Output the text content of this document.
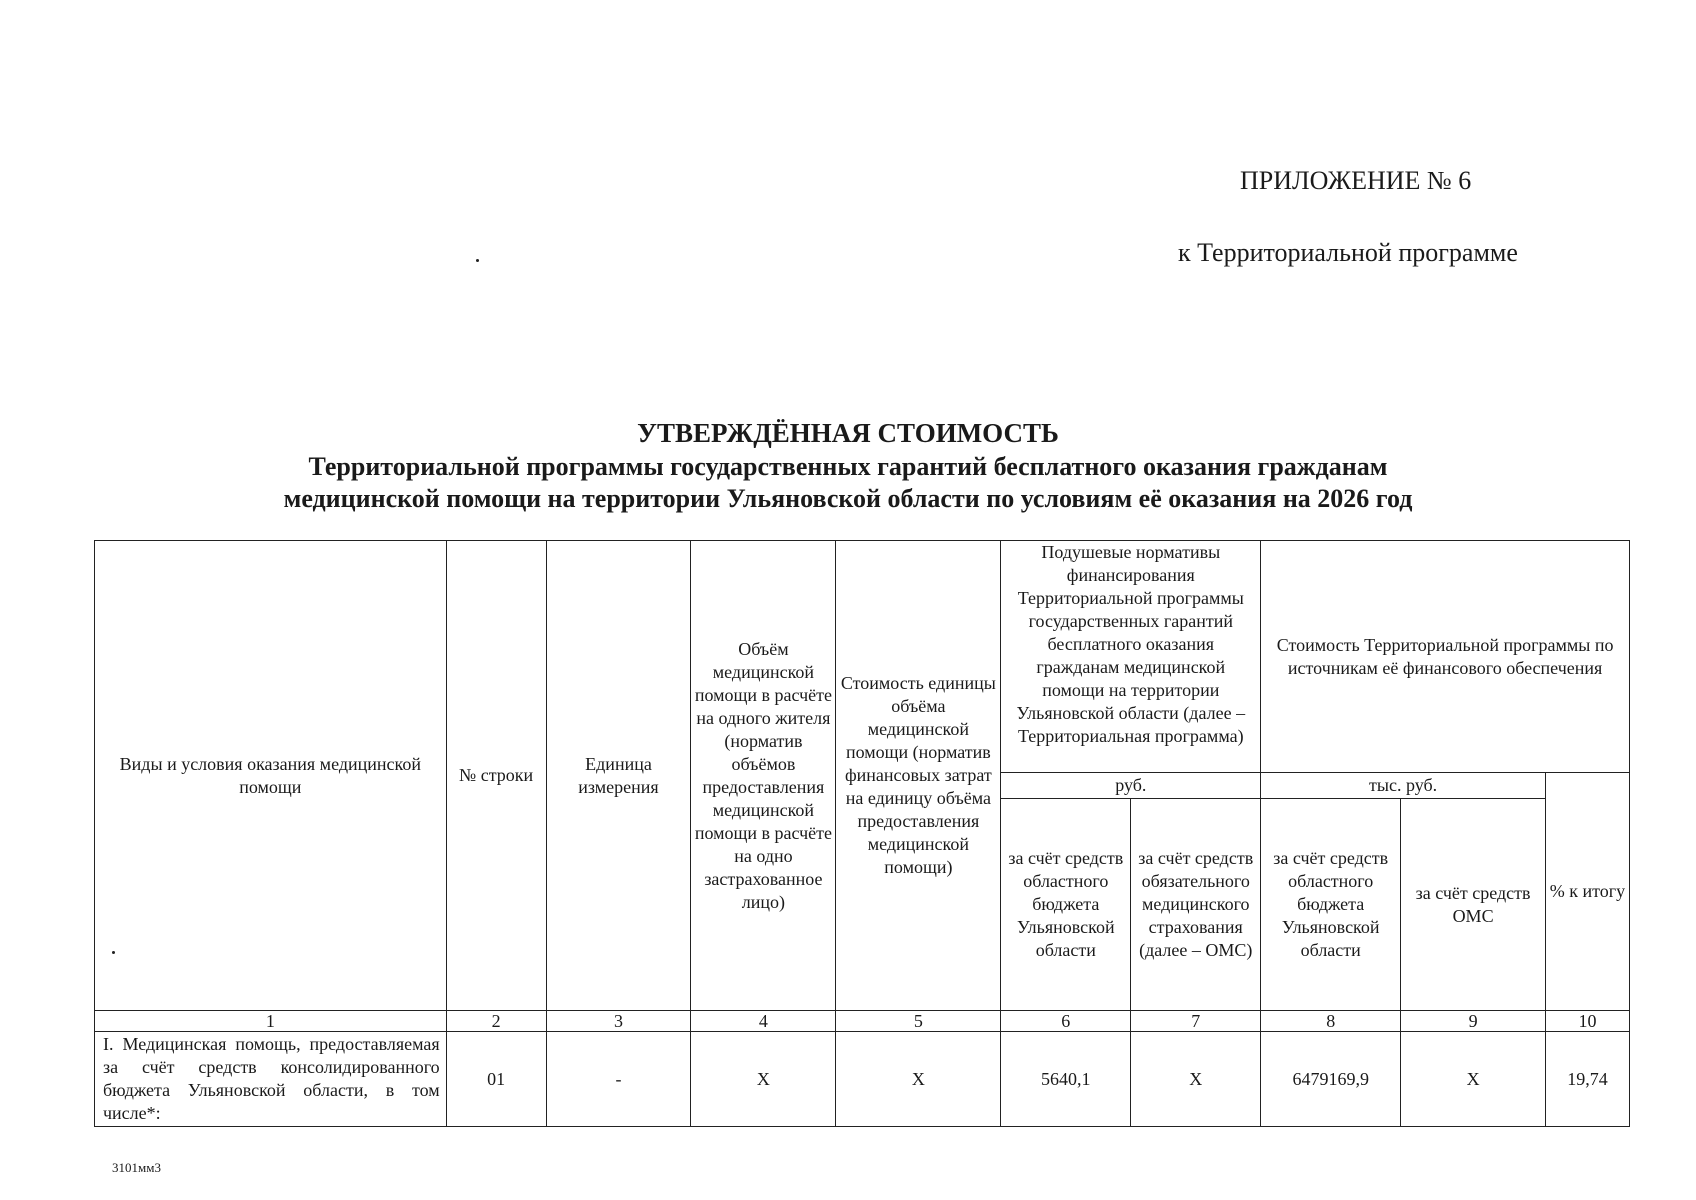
ПРИЛОЖЕНИЕ № 6
к Территориальной программе
УТВЕРЖДЁННАЯ СТОИМОСТЬ
Территориальной программы государственных гарантий бесплатного оказания гражданам
медицинской помощи на территории Ульяновской области по условиям её оказания на 2026 год
Виды и условия оказания медицинской помощи	№ строки	Единица измерения	Объём медицинской помощи в расчёте на одного жителя (норматив объёмов предоставления медицинской помощи в расчёте на одно застрахованное лицо)	Стоимость единицы объёма медицинской помощи (норматив финансовых затрат на единицу объёма предоставления медицинской помощи)	Подушевые нормативы финансирования Территориальной программы государственных гарантий бесплатного оказания гражданам медицинской помощи на территории Ульяновской области (далее – Территориальная программа)		Стоимость Территориальной программы по источникам её финансового обеспечения		
					руб.		тыс. руб.		% к итогу
					за счёт средств областного бюджета Ульяновской области	за счёт средств обязательного медицинского страхования (далее – ОМС)	за счёт средств областного бюджета Ульяновской области	за счёт средств ОМС	
1	2	3	4	5	6	7	8	9	10
I. Медицинская помощь, предоставляемая за счёт средств консолидированного бюджета Ульяновской области, в том числе*:	01	-	Х	Х	5640,1	Х	6479169,9	Х	19,74
3101мм3
